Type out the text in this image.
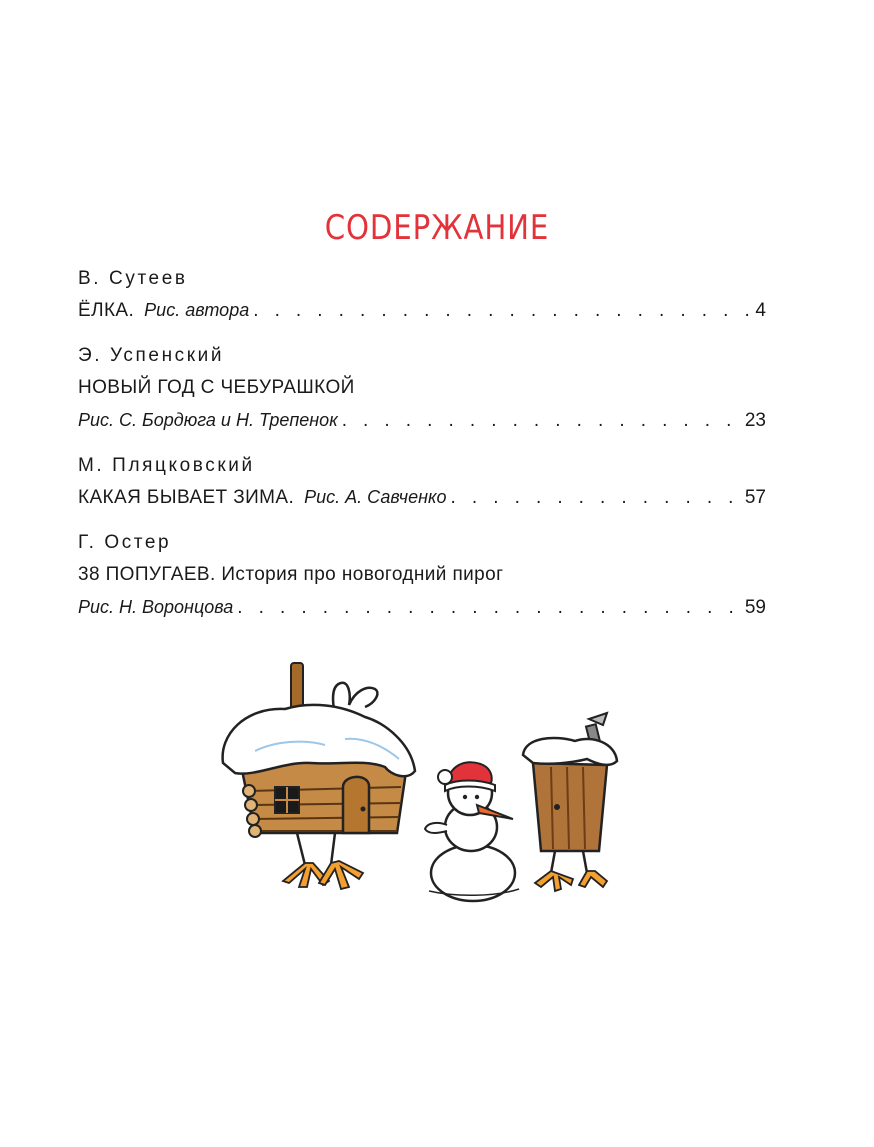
СОDЕРЖАНИЕ
В. Сутеев
ЁЛКА. Рис. автора . . .	4
Э. Успенский
НОВЫЙ ГОД С ЧЕБУРАШКОЙ
Рис. С. Бордюга и Н. Трепенок . . .	23
М. Пляцковский
КАКАЯ БЫВАЕТ ЗИМА. Рис. А. Савченко . . .	57
Г. Остер
38 ПОПУГАЕВ. История про новогодний пирог
Рис. Н. Воронцова . . .	59
